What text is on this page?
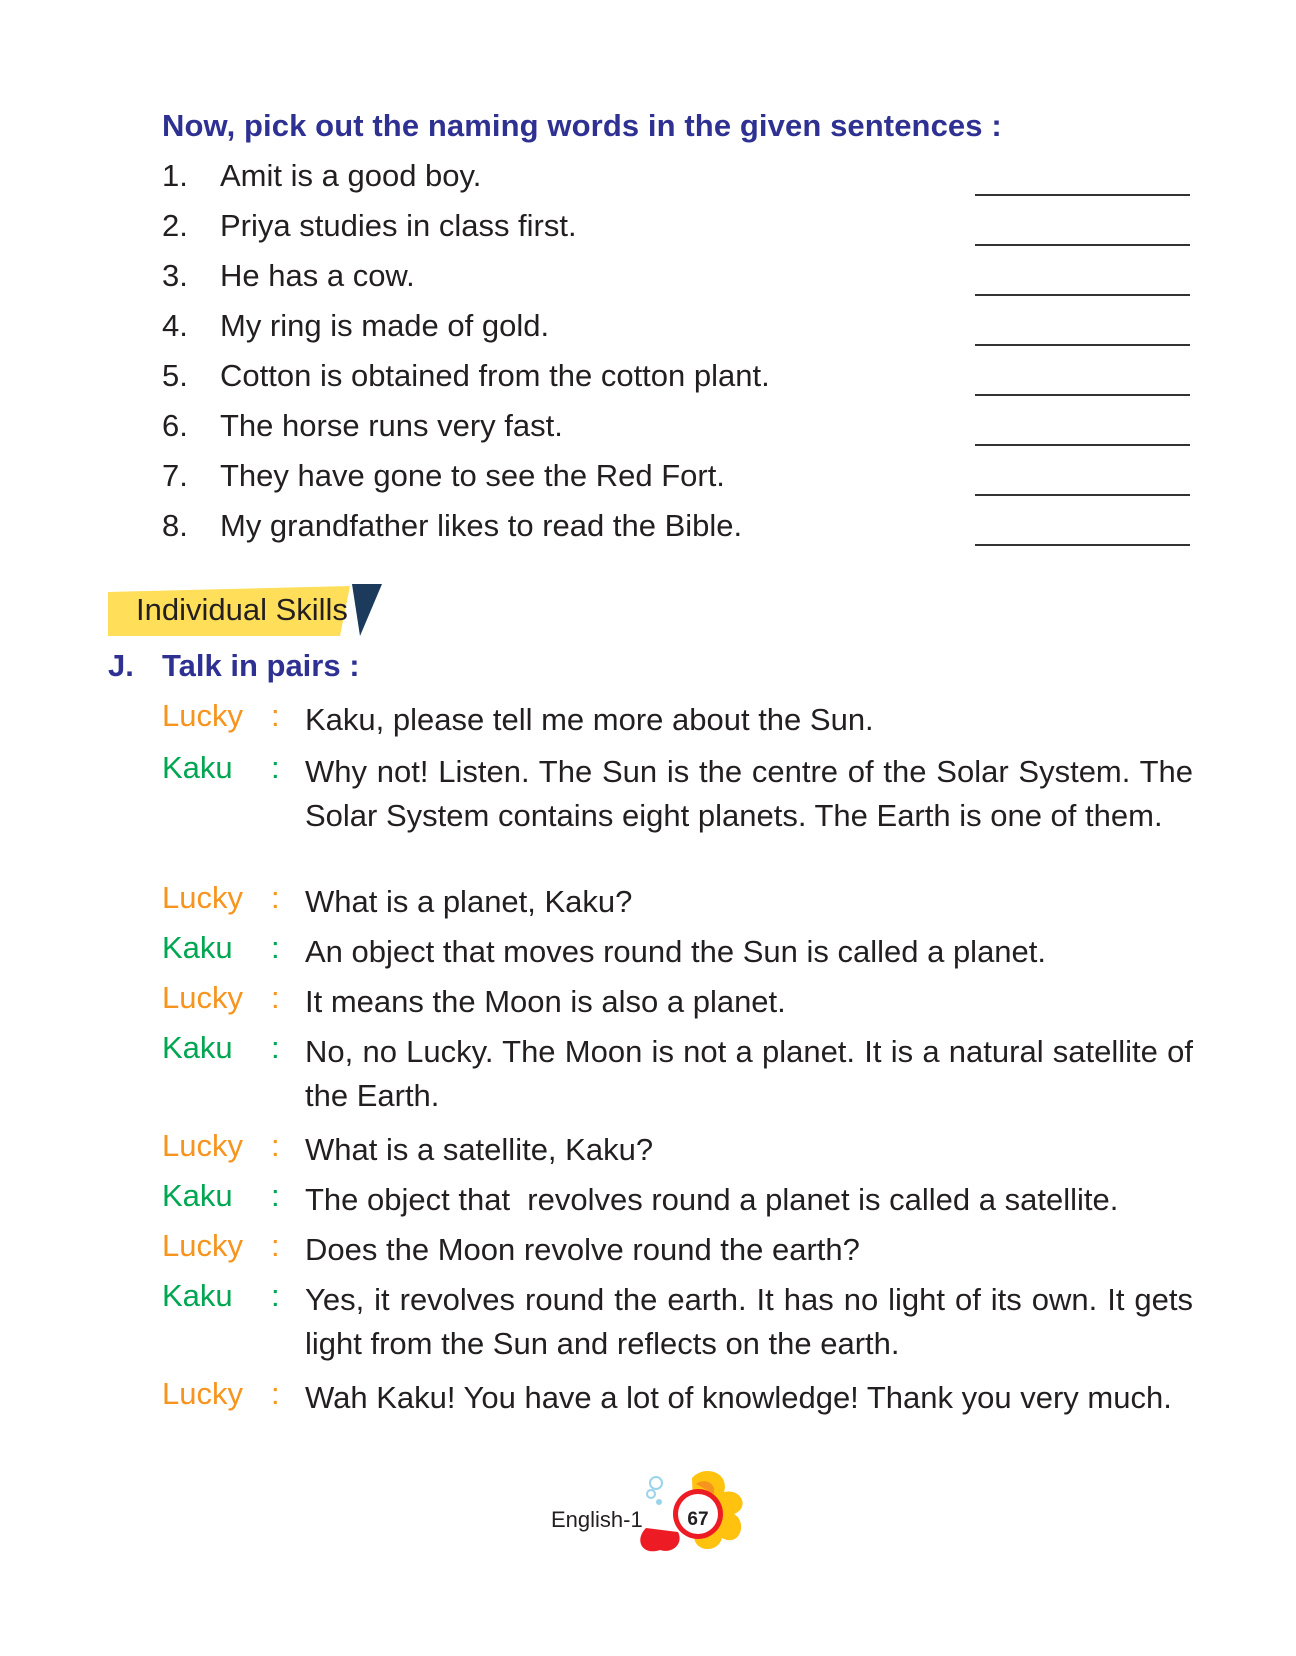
Now, pick out the naming words in the given sentences :
1. Amit is a good boy.
2. Priya studies in class first.
3. He has a cow.
4. My ring is made of gold.
5. Cotton is obtained from the cotton plant.
6. The horse runs very fast.
7. They have gone to see the Red Fort.
8. My grandfather likes to read the Bible.
Individual Skills
J. Talk in pairs :
Lucky : Kaku, please tell me more about the Sun.
Kaku : Why not! Listen. The Sun is the centre of the Solar System. The Solar System contains eight planets. The Earth is one of them.
Lucky : What is a planet, Kaku?
Kaku : An object that moves round the Sun is called a planet.
Lucky : It means the Moon is also a planet.
Kaku : No, no Lucky. The Moon is not a planet. It is a natural satellite of the Earth.
Lucky : What is a satellite, Kaku?
Kaku : The object that  revolves round a planet is called a satellite.
Lucky : Does the Moon revolve round the earth?
Kaku : Yes, it revolves round the earth. It has no light of its own. It gets light from the Sun and reflects on the earth.
Lucky : Wah Kaku! You have a lot of knowledge! Thank you very much.
English-1	67
